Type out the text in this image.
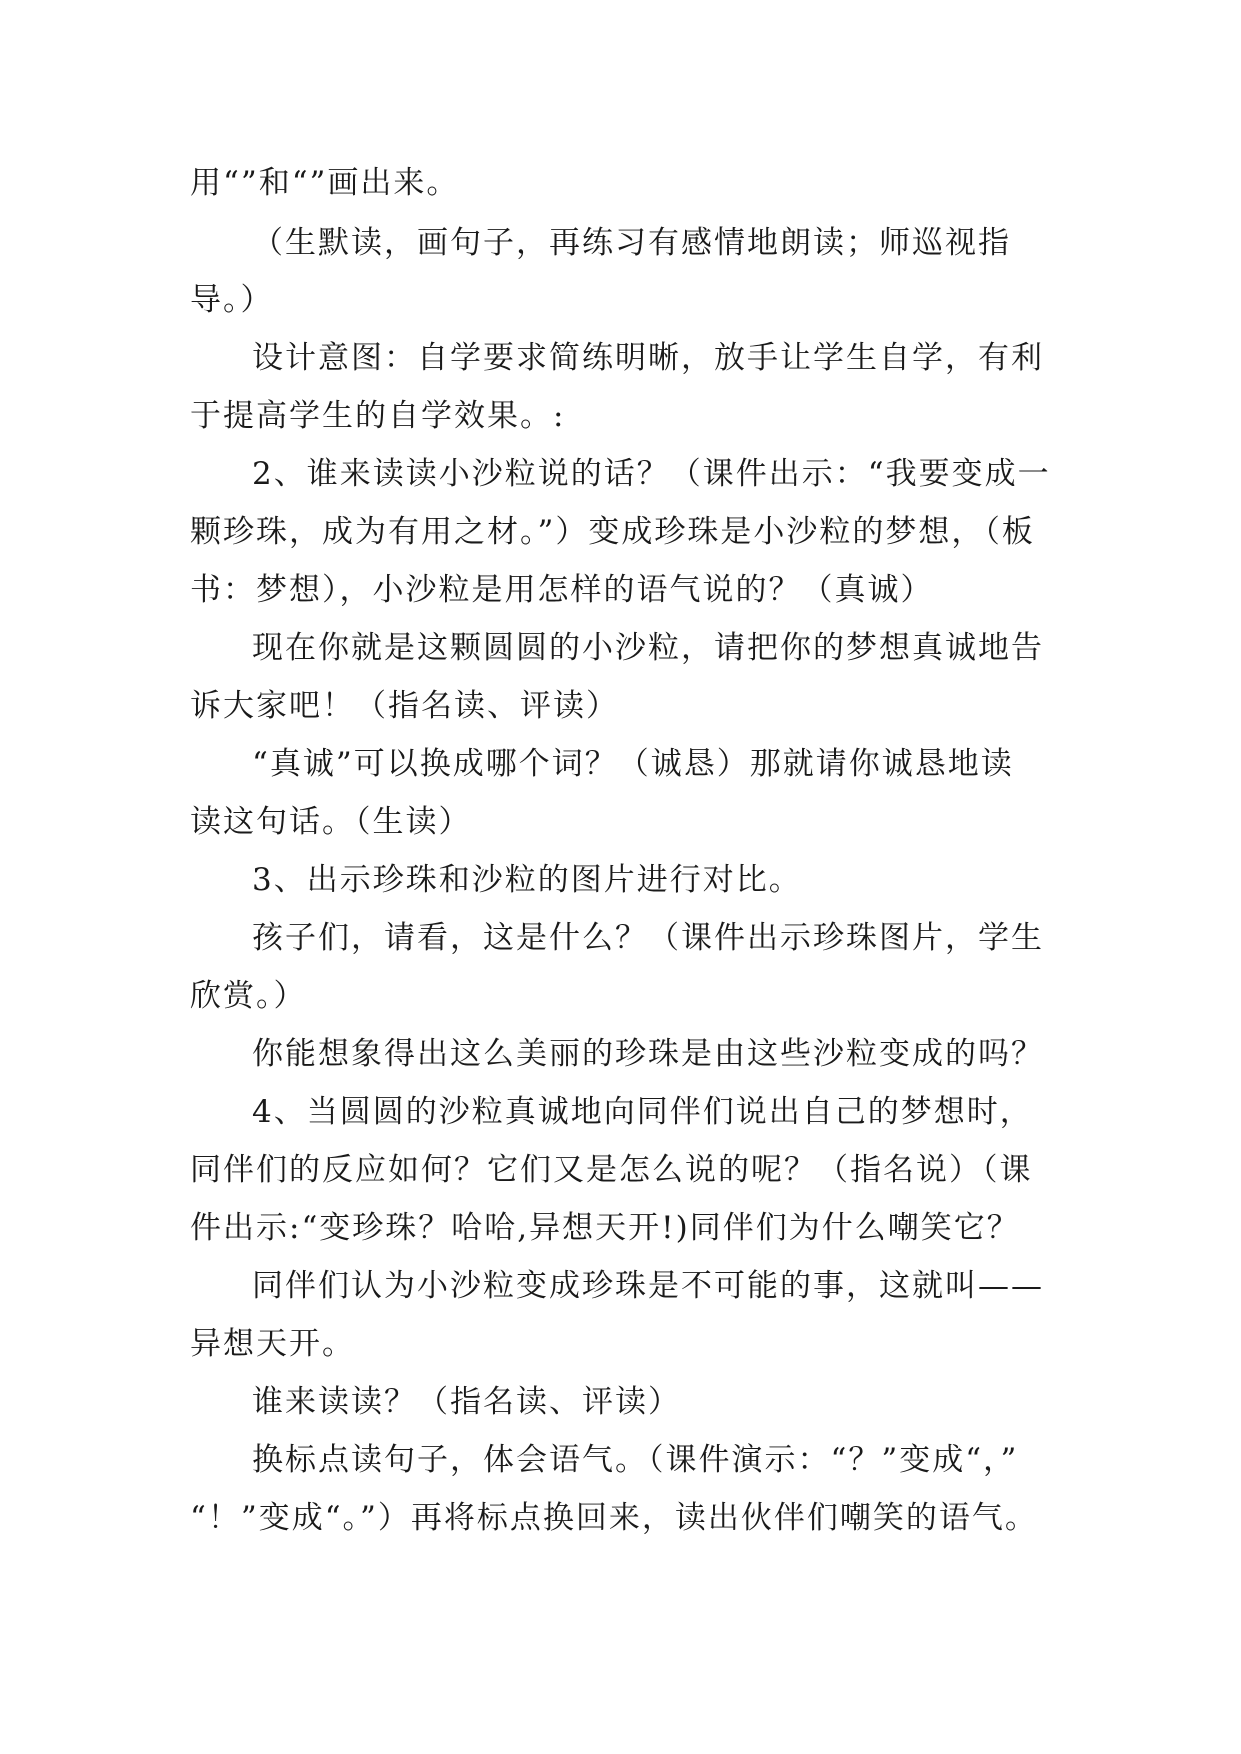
用“”和“”画出来。
（生默读，画句子，再练习有感情地朗读；师巡视指
导。）
设计意图：自学要求简练明晰，放手让学生自学，有利
于提高学生的自学效果。:
2、谁来读读小沙粒说的话？（课件出示：“我要变成一
颗珍珠，成为有用之材。”）变成珍珠是小沙粒的梦想，（板
书：梦想），小沙粒是用怎样的语气说的？（真诚）
现在你就是这颗圆圆的小沙粒，请把你的梦想真诚地告
诉大家吧！（指名读、评读）
“真诚”可以换成哪个词？（诚恳）那就请你诚恳地读
读这句话。（生读）
3、出示珍珠和沙粒的图片进行对比。
孩子们，请看，这是什么？（课件出示珍珠图片，学生
欣赏。）
你能想象得出这么美丽的珍珠是由这些沙粒变成的吗？
4、当圆圆的沙粒真诚地向同伴们说出自己的梦想时，
同伴们的反应如何？它们又是怎么说的呢？（指名说）（课
件出示:“变珍珠？哈哈,异想天开!)同伴们为什么嘲笑它？
同伴们认为小沙粒变成珍珠是不可能的事，这就叫——
异想天开。
谁来读读？（指名读、评读）
换标点读句子，体会语气。（课件演示：“？”变成“，”
“！”变成“。”）再将标点换回来，读出伙伴们嘲笑的语气。
